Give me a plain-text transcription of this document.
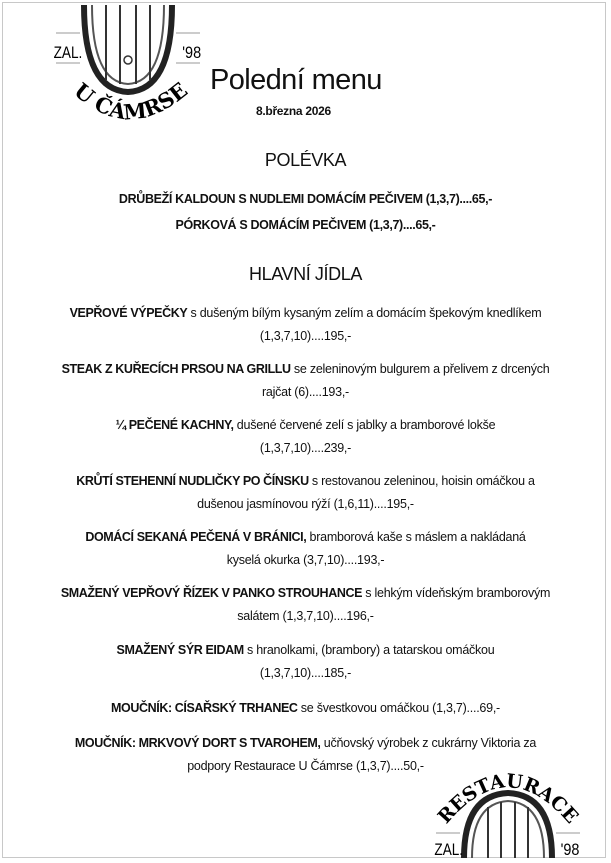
ZAL.	'98
U ČÁMRSE Polední menu
8.března 2026
POLÉVKA
DRŮBEŽÍ KALDOUN S NUDLEMI DOMÁCÍM PEČIVEM (1,3,7)....65,-
PÓRKOVÁ S DOMÁCÍM PEČIVEM (1,3,7)....65,-
HLAVNÍ JÍDLA
VEPŘOVÉ VÝPEČKY s dušeným bílým kysaným zelím a domácím špekovým knedlíkem (1,3,7,10)....195,-
STEAK Z KUŘECÍCH PRSOU NA GRILLU se zeleninovým bulgurem a přelivem z drcených rajčat (6)....193,-
¼ PEČENÉ KACHNY, dušené červené zelí s jablky a bramborové lokše (1,3,7,10)....239,-
KRŮTÍ STEHENNÍ NUDLIČKY PO ČÍNSKU s restovanou zeleninou, hoisin omáčkou a dušenou jasmínovou rýží (1,6,11)....195,-
DOMÁCÍ SEKANÁ PEČENÁ V BRÁNICI, bramborová kaše s máslem a nakládaná kyselá okurka (3,7,10)....193,-
SMAŽENÝ VEPŘOVÝ ŘÍZEK V PANKO STROUHANCE s lehkým vídeňským bramborovým salátem (1,3,7,10)....196,-
SMAŽENÝ SÝR EIDAM s hranolkami, (brambory) a tatarskou omáčkou (1,3,7,10)....185,-
MOUČNÍK: CÍSAŘSKÝ TRHANEC se švestkovou omáčkou (1,3,7)....69,-
MOUČNÍK: MRKVOVÝ DORT S TVAROHEM, učňovský výrobek z cukrárny Viktoria za podpory Restaurace U Čámrse (1,3,7)....50,-
RESTAURACE
ZAL.	'98
